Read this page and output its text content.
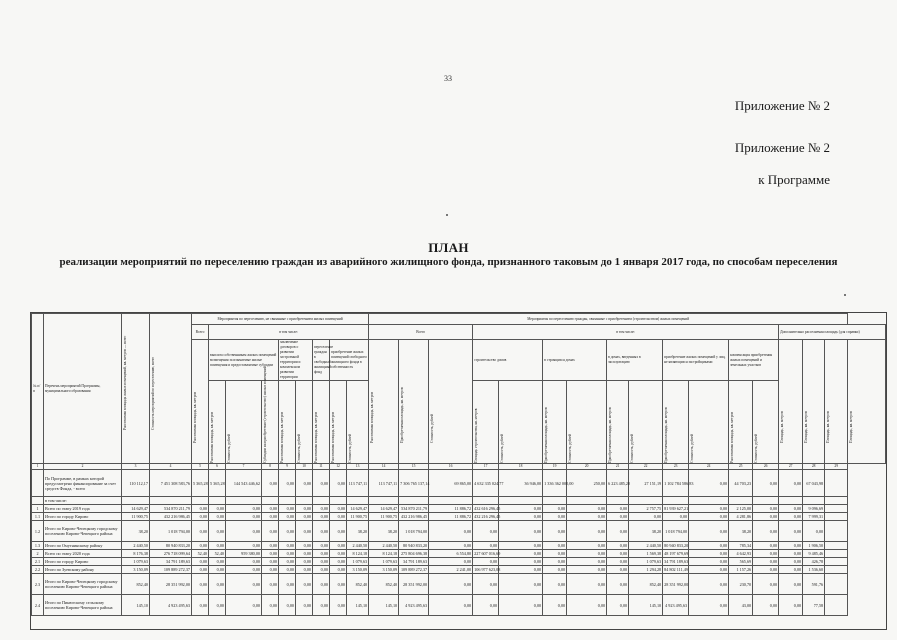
33
Приложение № 2
Приложение № 2
к Программе
ПЛАН
реализации мероприятий по переселению граждан из аварийного жилищного фонда, признанного таковым до 1 января 2017 года, по способам переселения
№ п/п	Перечень мероприятий Программы, муниципального образования	Расселяемая площадь жилых помещений, кв. метров — всего	Стоимость мероприятий по переселению, всего	Мероприятия по переселению, не связанные с приобретением жилых помещений									Мероприятия по переселению граждан, связанные с приобретением (строительством) жилых помещений																
				Всего	в том числе:								Всего			в том числе:										Дополнительно расселяемая площадь (для справки)			

				Расселяемая площадь, кв. метров	выплата собственникам жилых помещений возмещения за изымаемые жилые помещения и предоставляемые субсидии			заключение договоров о развитии застроенной территории и комплексном развитии территории		переселение граждан в свободный жилищный фонд	приобретение жилых помещений свободного жилищного фонда в собственность		Расселяемая площадь, кв. метров	Приобретаемая площадь, кв. метров	Стоимость, рублей	строительство домов		в строящихся домах		в домах, введенных в эксплуатацию		приобретение жилых помещений у лиц, не являющихся застройщиками		компенсация приобретения жилых помещений и земельных участков		Площадь, кв. метров	Площадь, кв. метров	Площадь, кв. метров	Площадь, кв. метров

					Расселяемая площадь, кв. метров	Стоимость, рублей	Субсидии на приобретение (строительство) жилых помещений	Расселяемая площадь, кв. метров	Стоимость, рублей	Расселяемая площадь, кв. метров	Расселяемая площадь, кв. метров	Стоимость, рублей				Площадь строительства, кв. метров	Стоимость, рублей	Приобретаемая площадь, кв. метров	Стоимость, рублей	Приобретаемая площадь, кв. метров	Стоимость, рублей	Приобретаемая площадь, кв. метров	Стоимость, рублей	Расселяемая площадь, кв. метров	Стоимость, рублей				

1	2	3	4	5	6	7	8	9	10	11	12	13	14	15	16	17	18	19	20	21	22	23	24	25	26	27	28	29	
	По Программе, в рамках которой предусмотрено финансирование за счет средств Фонда, - всего	110 112,17	7 451 308 583,76	5 365,28	5 365,28	144 543 446,62	0,00	0,00	0,00	0,00	0,00	113 747,11	113 747,11	7 306 765 137,14	69 865,00	4 632 335 024,77	36 946,00	1 336 362 000,00	250,00	6 223 485,20	27 151,19	1 102 784 586,83	0,00	44 703,23	0,00	0,00	67 043,98		
	в том числе:																												
1	Всего по этапу 2019 года	14 629,47	534 870 211,79	0,00	0,00	0,00	0,00	0,00	0,00	0,00	0,00	14 629,47	14 629,47	534 870 211,79	11 886,72	432 616 296,45	0,00	0,00	0,00	0,00	2 757,75	81 939 627,21	0,00	2 125,00	0,00	0,00	9 096,69		
1.1	Итого по городу Кирово	11 900,75	432 216 986,45	0,00	0,00	0,00	0,00	0,00	0,00	0,00	0,00	11 900,75	11 900,75	432 216 986,45	11 886,72	432 216 296,45	0,00	0,00	0,00	0,00	0,00	0,00	0,00	4 281,86	0,00	0,00	7 999,31		
1.2	Итого по Кирово-Чепецкому городскому поселению Кирово-Чепецкого района	38,20	1 018 794,00	0,00	0,00	0,00	0,00	0,00	0,00	0,00	0,00	38,20	38,20	1 018 794,00	0,00	0,00	0,00	0,00	0,00	0,00	38,20	1 018 794,00	0,00	38,20	0,00	0,00	0,00		
1.3	Итого по Омутнинскому району	2 440,50	80 940 833,20	0,00	0,00	0,00	0,00	0,00	0,00	0,00	0,00	2 440,50	2 440,50	80 940 833,20	0,00	0,00	0,00	0,00	0,00	0,00	2 440,50	80 940 833,20	0,00	785,34	0,00	0,00	1 906,50		
2	Всего по этапу 2020 года	8 176,38	276 718 099,64	52,40	52,40	959 380,00	0,00	0,00	0,00	0,00	0,00	8 124,18	8 124,18	275 804 696,38	6 554,80	227 607 016,69	0,00	0,00	0,00	0,00	1 569,38	48 197 679,69	0,00	4 642,93	0,00	0,00	9 485,46		
2.1	Итого по городу Кирово	1 079,63	34 791 189,63	0,00	0,00	0,00	0,00	0,00	0,00	0,00	0,00	1 079,63	1 079,63	34 791 189,63	0,00	0,00	0,00	0,00	0,00	0,00	1 079,63	34 791 189,63	0,00	565,69	0,00	0,00	426,78		
2.2	Итого по Зуевскому району	3 150,09	109 889 272,37	0,00	0,00	0,00	0,00	0,00	0,00	0,00	0,00	3 150,09	3 150,09	109 889 272,37	2 241,00	106 977 623,08	0,00	0,00	0,00	0,00	1 294,28	84 802 111,49	0,00	1 157,26	0,00	0,00	1 536,60		
2.3	Итого по Кирово-Чепецкому городскому поселению Кирово-Чепецкого района	852,40	28 351 992,00	0,00	0,00	0,00	0,00	0,00	0,00	0,00	0,00	852,40	852,40	28 351 992,00	0,00	0,00	0,00	0,00	0,00	0,00	852,40	28 351 992,00	0,00	230,70	0,00	0,00	591,76		
2.4	Итого по Пинюгскому сельскому поселению Кирово-Чепецкого района	145,10	4 923 495,63	0,00	0,00	0,00	0,00	0,00	0,00	0,00	0,00	145,10	145,10	4 923 495,63	0,00	0,00	0,00	0,00	0,00	0,00	145,10	4 923 495,63	0,00	43,00	0,00	0,00	77,58		
